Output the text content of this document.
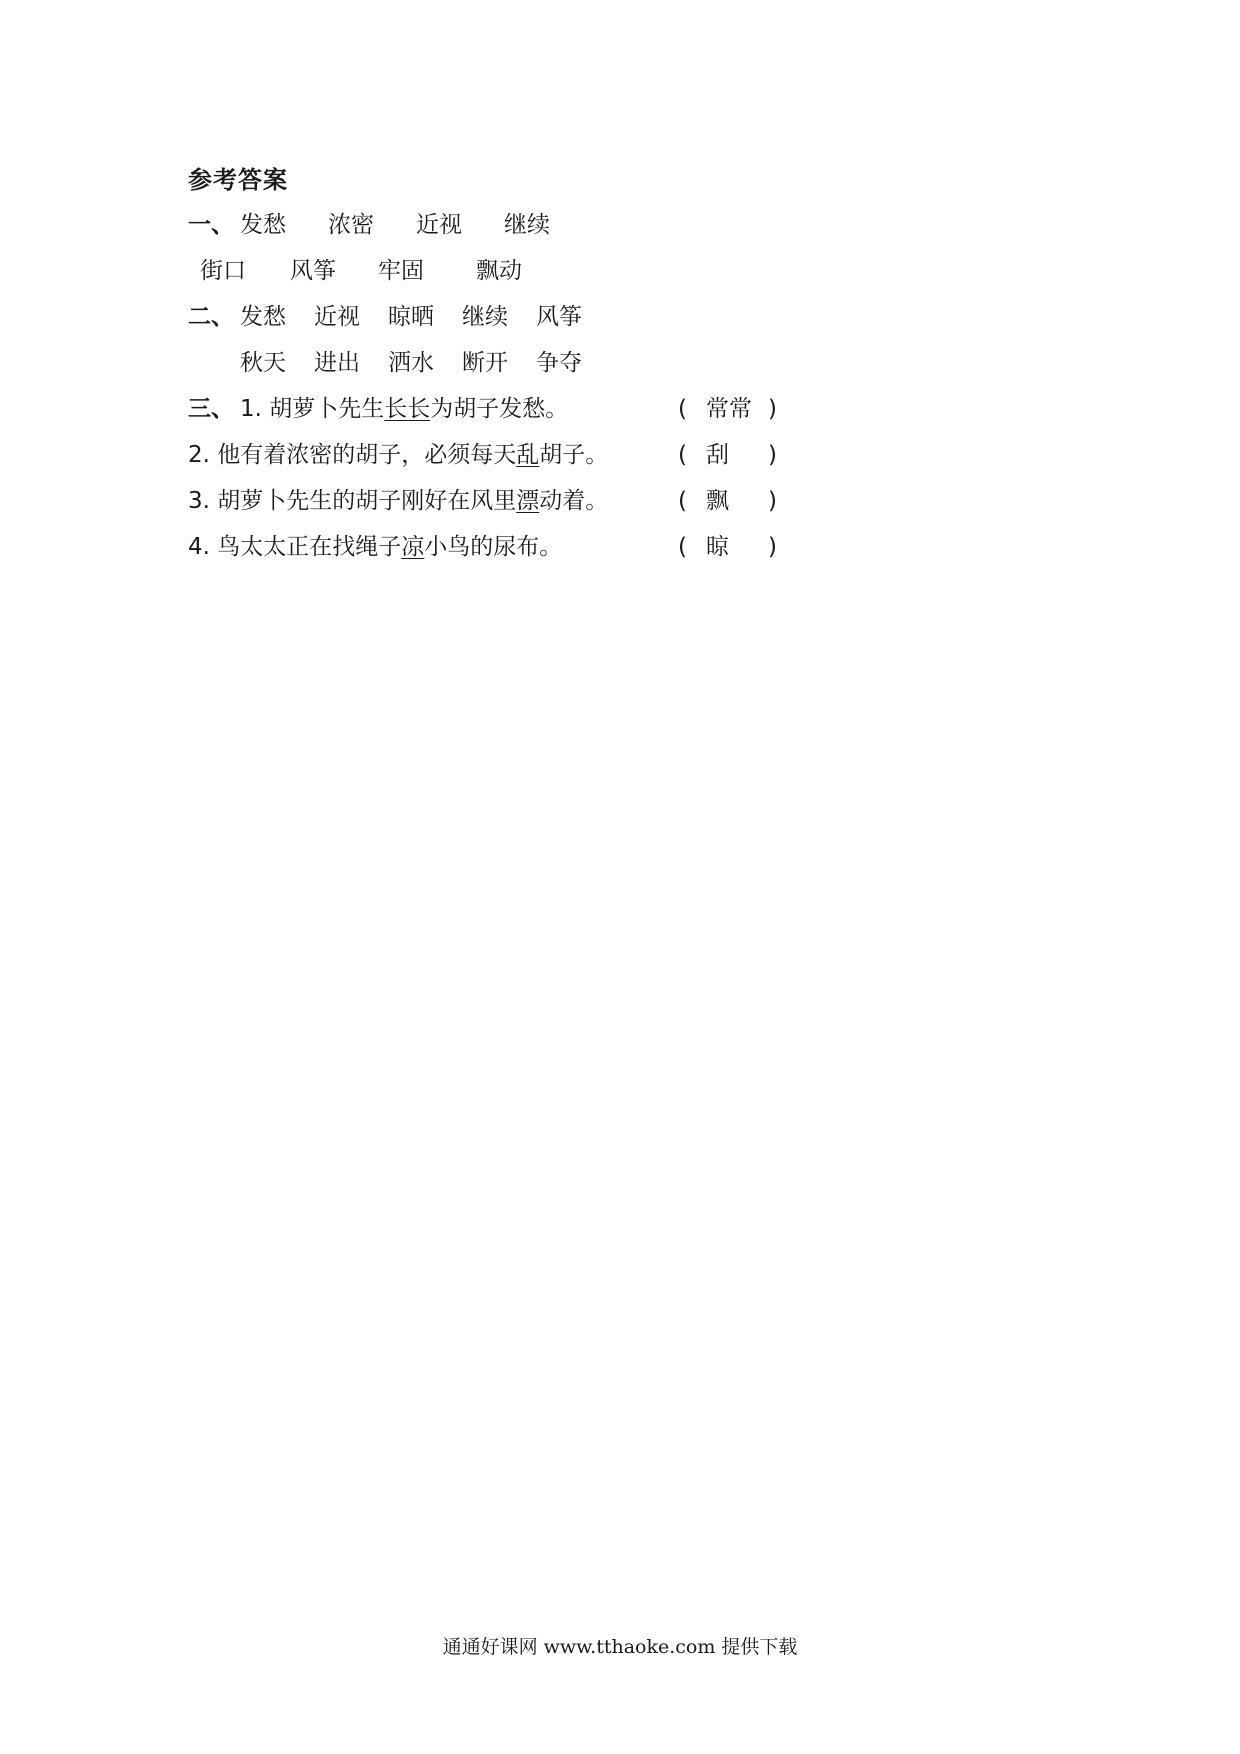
参考答案
一、 发愁 浓密 近视 继续
街口 风筝 牢固 飘动
二、 发愁 近视 晾晒 继续 风筝
秋天 进出 洒水 断开 争夺
三、 1. 胡萝卜先生长长为胡子发愁。	( 常常 )
2. 他有着浓密的胡子，必须每天乱胡子。	( 刮 )
3. 胡萝卜先生的胡子刚好在风里漂动着。	( 飘 )
4. 鸟太太正在找绳子凉小鸟的尿布。	( 晾 )
通通好课网 www.tthaoke.com 提供下载
